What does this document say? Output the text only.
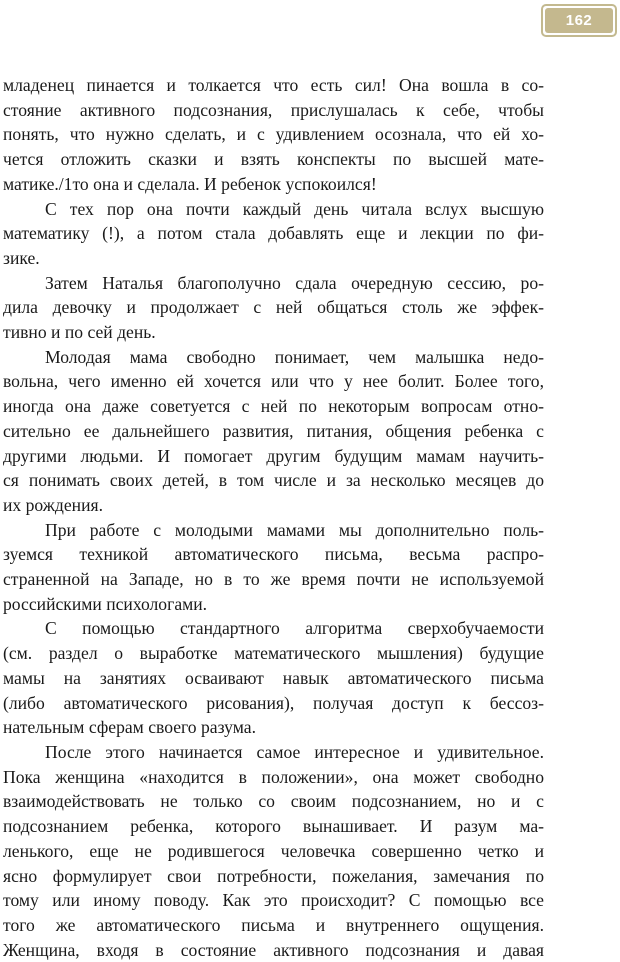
162

младенец пинается и толкается что есть сил! Она вошла в со-

стояние активного подсознания, прислушалась к себе, чтобы

понять, что нужно сделать, и с удивлением осознала, что ей хо-

чется отложить сказки и взять конспекты по высшей мате-

матике./1то она и сделала. И ребенок успокоился!

С тех пор она почти каждый день читала вслух высшую

математику (!), а потом стала добавлять еще и лекции по фи-

зике.

Затем Наталья благополучно сдала очередную сессию, ро-

дила девочку и продолжает с ней общаться столь же эффек-

тивно и по сей день.

Молодая мама свободно понимает, чем малышка недо-

вольна, чего именно ей хочется или что у нее болит. Более того,

иногда она даже советуется с ней по некоторым вопросам отно-

сительно ее дальнейшего развития, питания, общения ребенка с

другими людьми. И помогает другим будущим мамам научить-

ся понимать своих детей, в том числе и за несколько месяцев до

их рождения.

При работе с молодыми мамами мы дополнительно поль-

зуемся техникой автоматического письма, весьма распро-

страненной на Западе, но в то же время почти не используемой

российскими психологами.

С помощью стандартного алгоритма сверхобучаемости

(см. раздел о выработке математического мышления) будущие

мамы на занятиях осваивают навык автоматического письма

(либо автоматического рисования), получая доступ к бессоз-

нательным сферам своего разума.

После этого начинается самое интересное и удивительное.

Пока женщина «находится в положении», она может свободно

взаимодействовать не только со своим подсознанием, но и с

подсознанием ребенка, которого вынашивает. И разум ма-

ленького, еще не родившегося человечка совершенно четко и

ясно формулирует свои потребности, пожелания, замечания по

тому или иному поводу. Как это происходит? С помощью все

того же автоматического письма и внутреннего ощущения.

Женщина, входя в состояние активного подсознания и давая
